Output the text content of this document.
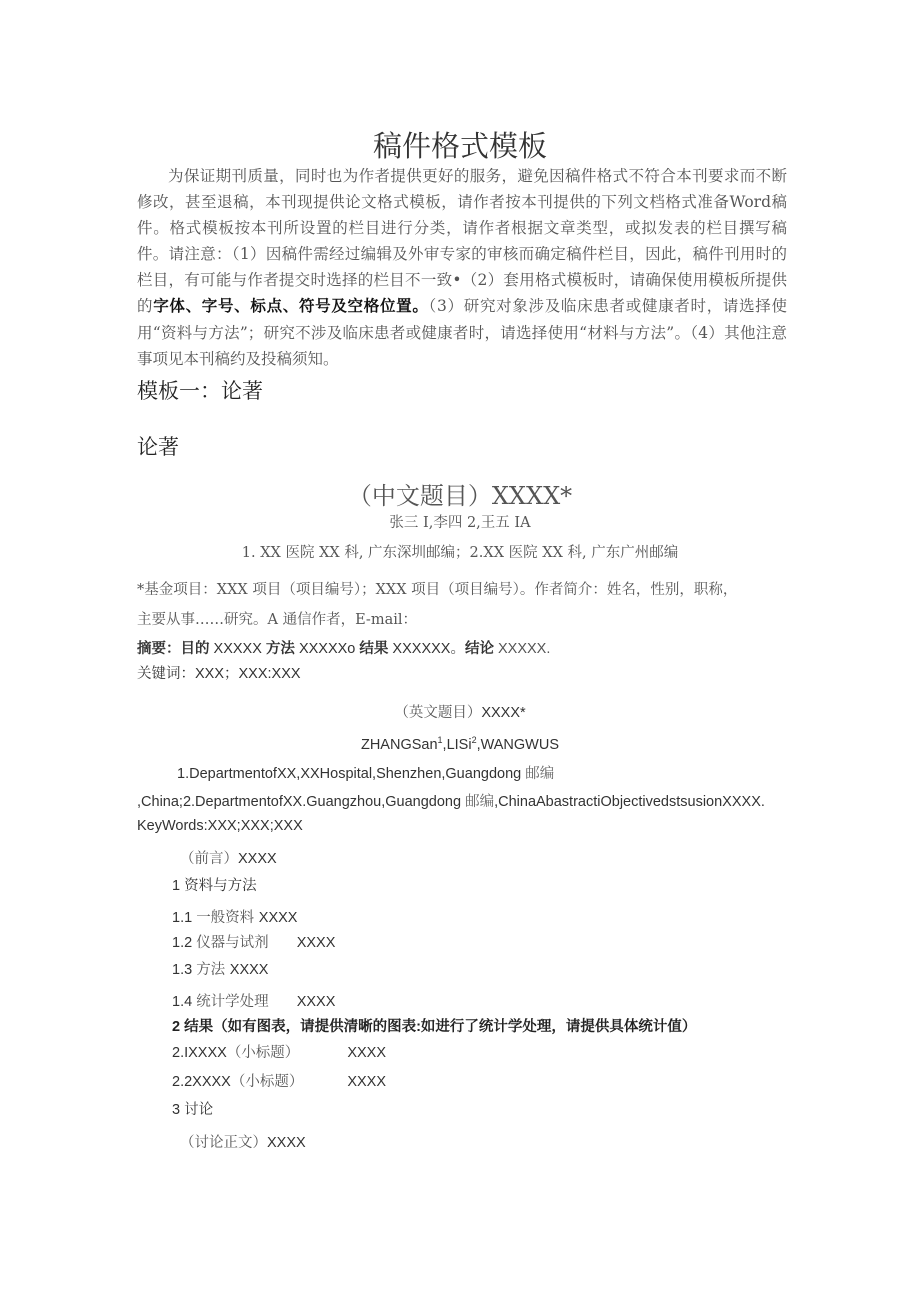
稿件格式模板
为保证期刊质量，同时也为作者提供更好的服务，避免因稿件格式不符合本刊要求而不断修改，甚至退稿，本刊现提供论文格式模板，请作者按本刊提供的下列文档格式准备Word稿件。格式模板按本刊所设置的栏目进行分类，请作者根据文章类型，或拟发表的栏目撰写稿件。请注意：（1）因稿件需经过编辑及外审专家的审核而确定稿件栏目，因此，稿件刊用时的栏目，有可能与作者提交时选择的栏目不一致•（2）套用格式模板时，请确保使用模板所提供的字体、字号、标点、符号及空格位置。（3）研究对象涉及临床患者或健康者时，请选择使用“资料与方法”；研究不涉及临床患者或健康者时，请选择使用“材料与方法”。（4）其他注意事项见本刊稿约及投稿须知。
模板一：论著
论著
（中文题目）XXXX*
张三 I,李四 2,王五 IA
1. XX 医院 XX 科, 广东深圳邮编；2.XX 医院 XX 科, 广东广州邮编
*基金项目：XXX 项目（项目编号）；XXX 项目（项目编号）。作者简介：姓名，性别，职称，
主要从事……研究。A 通信作者，E-mail：
摘要：目的 XXXXX 方法 XXXXXo 结果 XXXXXX。结论 XXXXX.
关键词：XXX；XXX:XXX
（英文题目）XXXX*
ZHANGSan$^1$,LISi$^2$,WANGWUS
1.DepartmentofXX,XXHospital,Shenzhen,Guangdong 邮编
,China;2.DepartmentofXX.Guangzhou,Guangdong 邮编,ChinaAbastractiObjectivedstsusionXXXX.
KeyWords:XXX;XXX;XXX
（前言）XXXX
1 资料与方法
1.1 一般资料 XXXX
1.2 仪器与试剂 XXXX
1.3 方法 XXXX
1.4 统计学处理 XXXX
2 结果（如有图表，请提供清晰的图表:如进行了统计学处理，请提供具体统计值）
2.IXXXX（小标题）	XXXX
2.2XXXX（小标题）	XXXX
3 讨论
（讨论正文）XXXX
